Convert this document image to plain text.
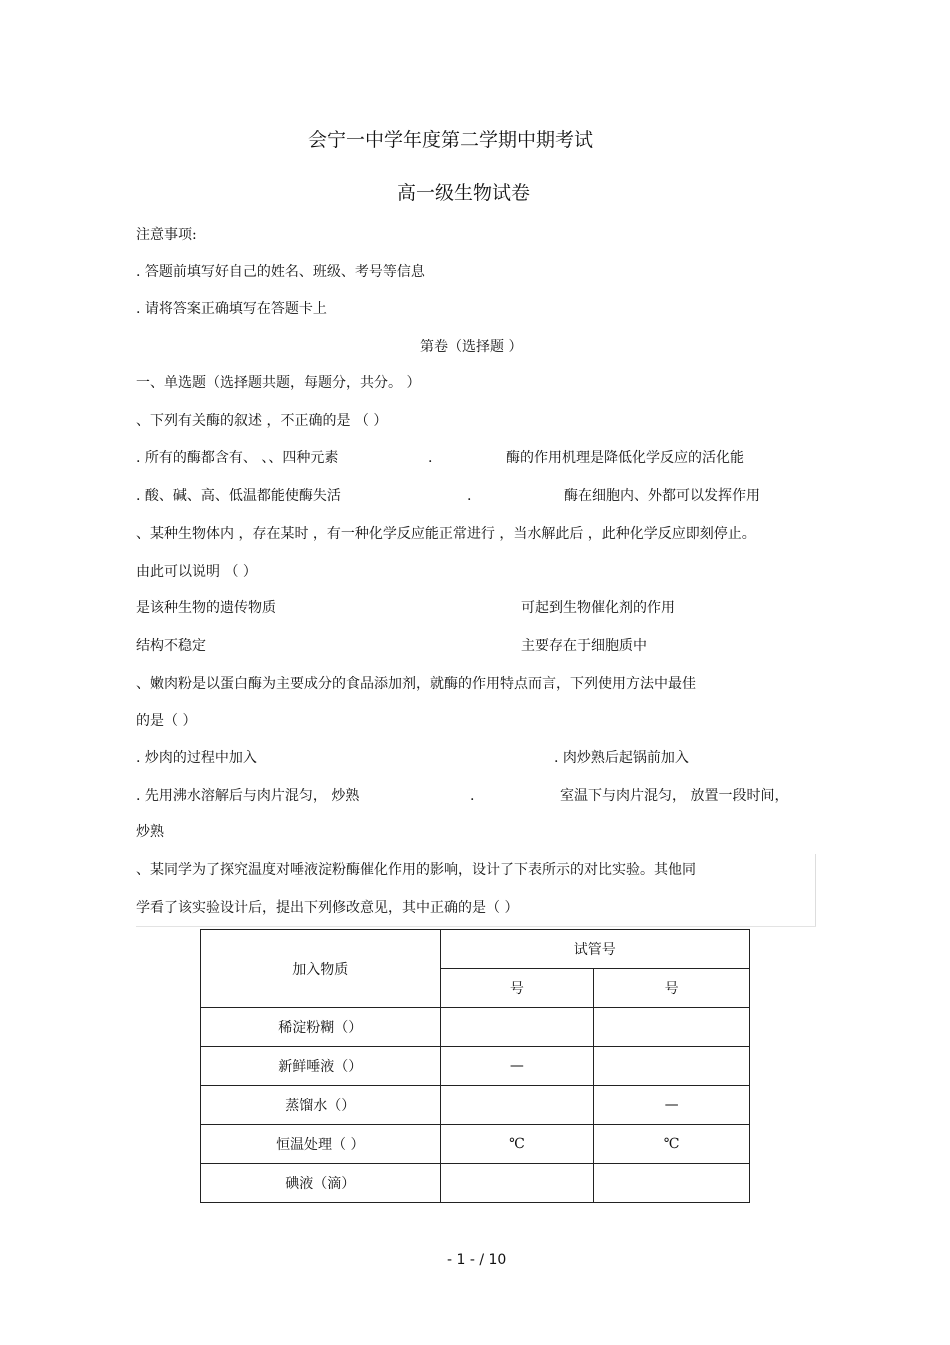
会宁一中学年度第二学期中期考试
高一级生物试卷
注意事项:
. 答题前填写好自己的姓名、班级、考号等信息
. 请将答案正确填写在答题卡上
第卷（选择题 ）
一、单选题（选择题共题，每题分，共分。 ）
、下列有关酶的叙述 ，不正确的是 （ ）
. 所有的酶都含有、 、、四种元素	.	酶的作用机理是降低化学反应的活化能
. 酸、碱、高、低温都能使酶失活	.	酶在细胞内、外都可以发挥作用
、某种生物体内 ，存在某时 ，有一种化学反应能正常进行 ，当水解此后 ，此种化学反应即刻停止。
由此可以说明 （ ）
是该种生物的遗传物质	可起到生物催化剂的作用
结构不稳定	主要存在于细胞质中
、嫩肉粉是以蛋白酶为主要成分的食品添加剂，就酶的作用特点而言，下列使用方法中最佳
的是（ ）
. 炒肉的过程中加入	. 肉炒熟后起锅前加入
. 先用沸水溶解后与肉片混匀， 炒熟	.	室温下与肉片混匀， 放置一段时间，
炒熟
、某同学为了探究温度对唾液淀粉酶催化作用的影响，设计了下表所示的对比实验。其他同
学看了该实验设计后，提出下列修改意见，其中正确的是（ ）
加入物质	试管号	
	号	号
稀淀粉糊（）		
新鲜唾液（）	—	
蒸馏水（）		—
恒温处理（ ）	℃	℃
碘液（滴）		
- 1 - / 10
